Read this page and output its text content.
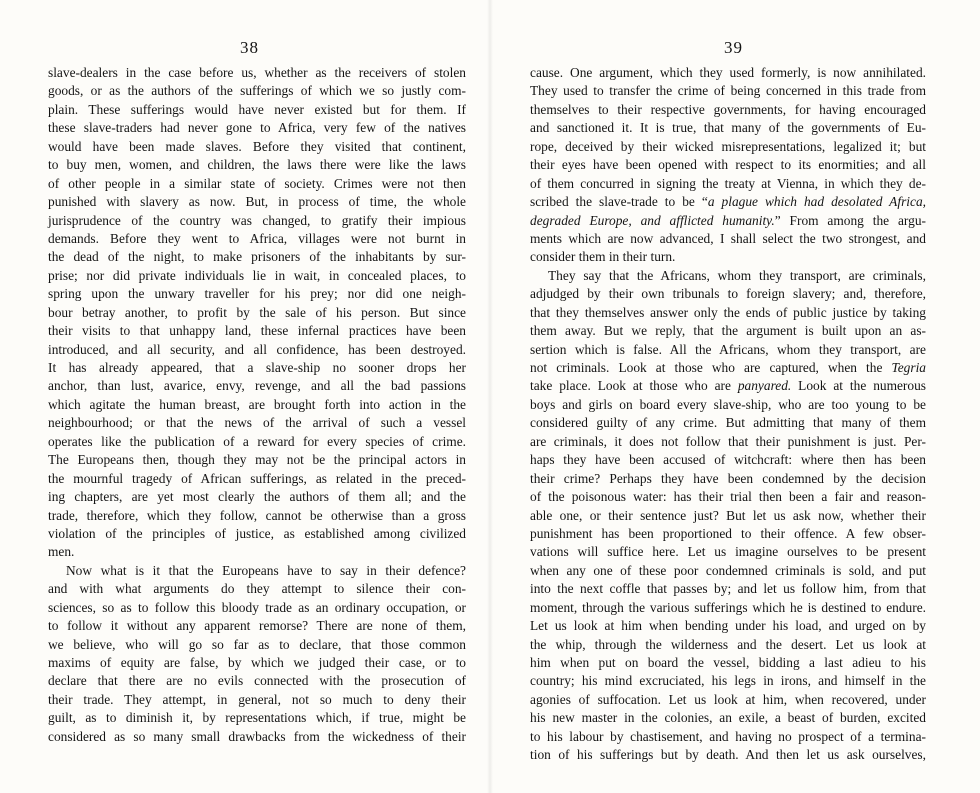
38
slave-dealers in the case before us, whether as the receivers of stolen
goods, or as the authors of the sufferings of which we so justly com-
plain. These sufferings would have never existed but for them. If
these slave-traders had never gone to Africa, very few of the natives
would have been made slaves. Before they visited that continent,
to buy men, women, and children, the laws there were like the laws
of other people in a similar state of society. Crimes were not then
punished with slavery as now. But, in process of time, the whole
jurisprudence of the country was changed, to gratify their impious
demands. Before they went to Africa, villages were not burnt in
the dead of the night, to make prisoners of the inhabitants by sur-
prise; nor did private individuals lie in wait, in concealed places, to
spring upon the unwary traveller for his prey; nor did one neigh-
bour betray another, to profit by the sale of his person. But since
their visits to that unhappy land, these infernal practices have been
introduced, and all security, and all confidence, has been destroyed.
It has already appeared, that a slave-ship no sooner drops her
anchor, than lust, avarice, envy, revenge, and all the bad passions
which agitate the human breast, are brought forth into action in the
neighbourhood; or that the news of the arrival of such a vessel
operates like the publication of a reward for every species of crime.
The Europeans then, though they may not be the principal actors in
the mournful tragedy of African sufferings, as related in the preced-
ing chapters, are yet most clearly the authors of them all; and the
trade, therefore, which they follow, cannot be otherwise than a gross
violation of the principles of justice, as established among civilized
men.
Now what is it that the Europeans have to say in their defence?
and with what arguments do they attempt to silence their con-
sciences, so as to follow this bloody trade as an ordinary occupation, or
to follow it without any apparent remorse? There are none of them,
we believe, who will go so far as to declare, that those common
maxims of equity are false, by which we judged their case, or to
declare that there are no evils connected with the prosecution of
their trade. They attempt, in general, not so much to deny their
guilt, as to diminish it, by representations which, if true, might be
considered as so many small drawbacks from the wickedness of their
39
cause. One argument, which they used formerly, is now annihilated.
They used to transfer the crime of being concerned in this trade from
themselves to their respective governments, for having encouraged
and sanctioned it. It is true, that many of the governments of Eu-
rope, deceived by their wicked misrepresentations, legalized it; but
their eyes have been opened with respect to its enormities; and all
of them concurred in signing the treaty at Vienna, in which they de-
scribed the slave-trade to be “a plague which had desolated Africa,
degraded Europe, and afflicted humanity.” From among the argu-
ments which are now advanced, I shall select the two strongest, and
consider them in their turn.
They say that the Africans, whom they transport, are criminals,
adjudged by their own tribunals to foreign slavery; and, therefore,
that they themselves answer only the ends of public justice by taking
them away. But we reply, that the argument is built upon an as-
sertion which is false. All the Africans, whom they transport, are
not criminals. Look at those who are captured, when the Tegria
take place. Look at those who are panyared. Look at the numerous
boys and girls on board every slave-ship, who are too young to be
considered guilty of any crime. But admitting that many of them
are criminals, it does not follow that their punishment is just. Per-
haps they have been accused of witchcraft: where then has been
their crime? Perhaps they have been condemned by the decision
of the poisonous water: has their trial then been a fair and reason-
able one, or their sentence just? But let us ask now, whether their
punishment has been proportioned to their offence. A few obser-
vations will suffice here. Let us imagine ourselves to be present
when any one of these poor condemned criminals is sold, and put
into the next coffle that passes by; and let us follow him, from that
moment, through the various sufferings which he is destined to endure.
Let us look at him when bending under his load, and urged on by
the whip, through the wilderness and the desert. Let us look at
him when put on board the vessel, bidding a last adieu to his
country; his mind excruciated, his legs in irons, and himself in the
agonies of suffocation. Let us look at him, when recovered, under
his new master in the colonies, an exile, a beast of burden, excited
to his labour by chastisement, and having no prospect of a termina-
tion of his sufferings but by death. And then let us ask ourselves,
